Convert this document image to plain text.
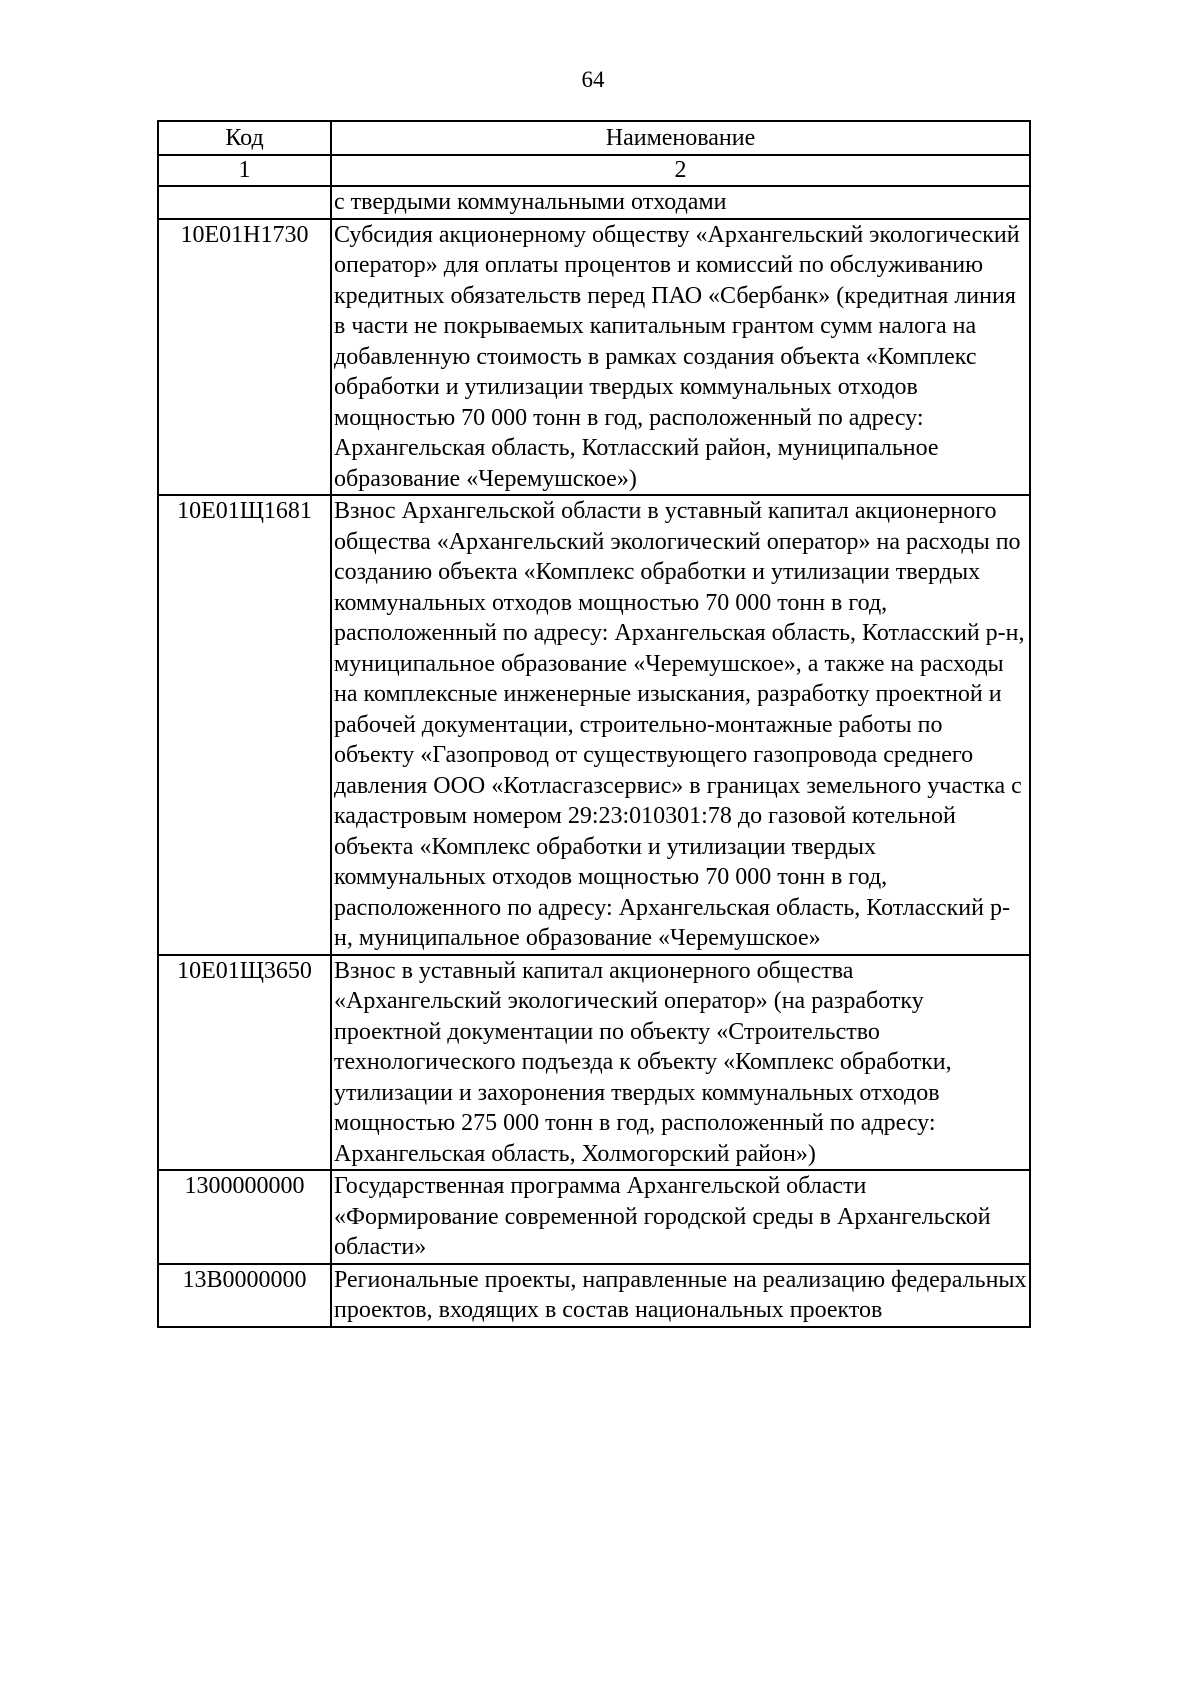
64
Код	Наименование
1	2
	с твердыми коммунальными отходами
10Е01Н1730	Субсидия акционерному обществу «Архангельский экологический оператор» для оплаты процентов и комиссий по обслуживанию кредитных обязательств перед ПАО «Сбербанк» (кредитная линия в части не покрываемых капитальным грантом сумм налога на добавленную стоимость в рамках создания объекта «Комплекс обработки и утилизации твердых коммунальных отходов мощностью 70 000 тонн в год, расположенный по адресу: Архангельская область, Котласский район, муниципальное образование «Черемушское»)
10Е01Щ1681	Взнос Архангельской области в уставный капитал акционерного общества «Архангельский экологический оператор» на расходы по созданию объекта «Комплекс обработки и утилизации твердых коммунальных отходов мощностью 70 000 тонн в год, расположенный по адресу: Архангельская область, Котласский р-н, муниципальное образование «Черемушское», а также на расходы на комплексные инженерные изыскания, разработку проектной и рабочей документации, строительно-монтажные работы по объекту «Газопровод от существующего газопровода среднего давления ООО «Котласгазсервис» в границах земельного участка с кадастровым номером 29:23:010301:78 до газовой котельной объекта «Комплекс обработки и утилизации твердых коммунальных отходов мощностью 70 000 тонн в год, расположенного по адресу: Архангельская область, Котласский р-н, муниципальное образование «Черемушское»
10Е01Щ3650	Взнос в уставный капитал акционерного общества «Архангельский экологический оператор» (на разработку проектной документации по объекту «Строительство технологического подъезда к объекту «Комплекс обработки, утилизации и захоронения твердых коммунальных отходов мощностью 275 000 тонн в год, расположенный по адресу: Архангельская область, Холмогорский район»)
1300000000	Государственная программа Архангельской области «Формирование современной городской среды в Архангельской области»
13В0000000	Региональные проекты, направленные на реализацию федеральных проектов, входящих в состав национальных проектов
